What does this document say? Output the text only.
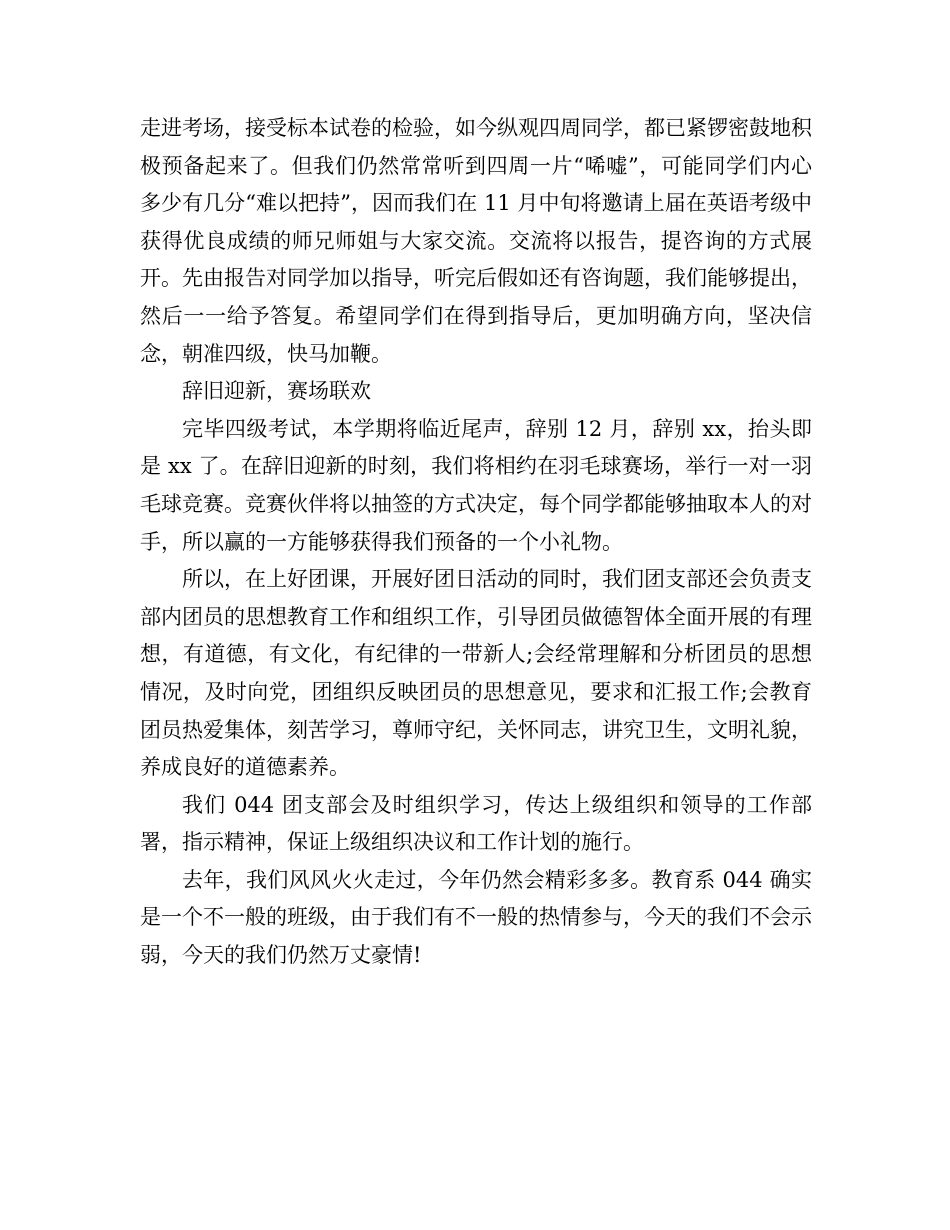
走进考场，接受标本试卷的检验，如今纵观四周同学，都已紧锣密鼓地积极预备起来了。但我们仍然常常听到四周一片“唏嘘”，可能同学们内心多少有几分“难以把持”，因而我们在 11 月中旬将邀请上届在英语考级中获得优良成绩的师兄师姐与大家交流。交流将以报告，提咨询的方式展开。先由报告对同学加以指导，听完后假如还有咨询题，我们能够提出，然后一一给予答复。希望同学们在得到指导后，更加明确方向，坚决信念，朝准四级，快马加鞭。

辞旧迎新，赛场联欢

完毕四级考试，本学期将临近尾声，辞别 12 月，辞别 xx，抬头即是 xx 了。在辞旧迎新的时刻，我们将相约在羽毛球赛场，举行一对一羽毛球竞赛。竞赛伙伴将以抽签的方式决定，每个同学都能够抽取本人的对手，所以赢的一方能够获得我们预备的一个小礼物。

所以，在上好团课，开展好团日活动的同时，我们团支部还会负责支部内团员的思想教育工作和组织工作，引导团员做德智体全面开展的有理想，有道德，有文化，有纪律的一带新人;会经常理解和分析团员的思想情况，及时向党，团组织反映团员的思想意见，要求和汇报工作;会教育团员热爱集体，刻苦学习，尊师守纪，关怀同志，讲究卫生，文明礼貌，养成良好的道德素养。

我们 044 团支部会及时组织学习，传达上级组织和领导的工作部署，指示精神，保证上级组织决议和工作计划的施行。

去年，我们风风火火走过，今年仍然会精彩多多。教育系 044 确实是一个不一般的班级，由于我们有不一般的热情参与，今天的我们不会示弱，今天的我们仍然万丈豪情!
